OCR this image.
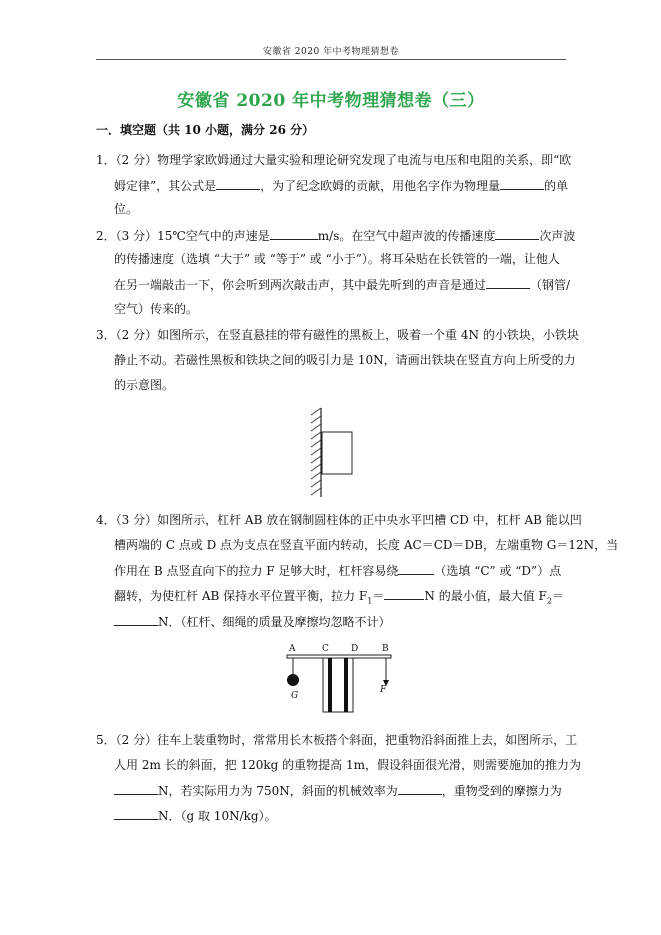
安徽省 2020 年中考物理猜想卷
安徽省 2020 年中考物理猜想卷（三）
一．填空题（共 10 小题，满分 26 分）
1．（2 分）物理学家欧姆通过大量实验和理论研究发现了电流与电压和电阻的关系，即“欧
姆定律”，其公式是	，为了纪念欧姆的贡献，用他名字作为物理量	的单
位。
2．（3 分）15℃空气中的声速是	m/s。在空气中超声波的传播速度	次声波
的传播速度（选填 “大于” 或 “等于” 或 “小于”）。将耳朵贴在长铁管的一端，让他人
在另一端敲击一下，你会听到两次敲击声，其中最先听到的声音是通过	（钢管/
空气）传来的。
3．（2 分）如图所示，在竖直悬挂的带有磁性的黑板上，吸着一个重 4N 的小铁块，小铁块
静止不动。若磁性黑板和铁块之间的吸引力是 10N，请画出铁块在竖直方向上所受的力
的示意图。
4．（3 分）如图所示，杠杆 AB 放在钢制圆柱体的正中央水平凹槽 CD 中，杠杆 AB 能以凹
槽两端的 C 点或 D 点为支点在竖直平面内转动，长度 AC＝CD＝DB，左端重物 G＝12N，当
作用在 B 点竖直向下的拉力 F 足够大时，杠杆容易绕	（选填 “C” 或 “D”）点
翻转，为使杠杆 AB 保持水平位置平衡，拉力 $F_1=$	N 的最小值，最大值 $F_2=$
N．（杠杆、细绳的质量及摩擦均忽略不计）
A	C D	B
G
F
5．（2 分）往车上装重物时，常常用长木板搭个斜面，把重物沿斜面推上去，如图所示，工
人用 2m 长的斜面，把 120kg 的重物提高 1m，假设斜面很光滑，则需要施加的推力为
N，若实际用力为 750N，斜面的机械效率为	，重物受到的摩擦力为
N．（g 取 10N/kg）。
